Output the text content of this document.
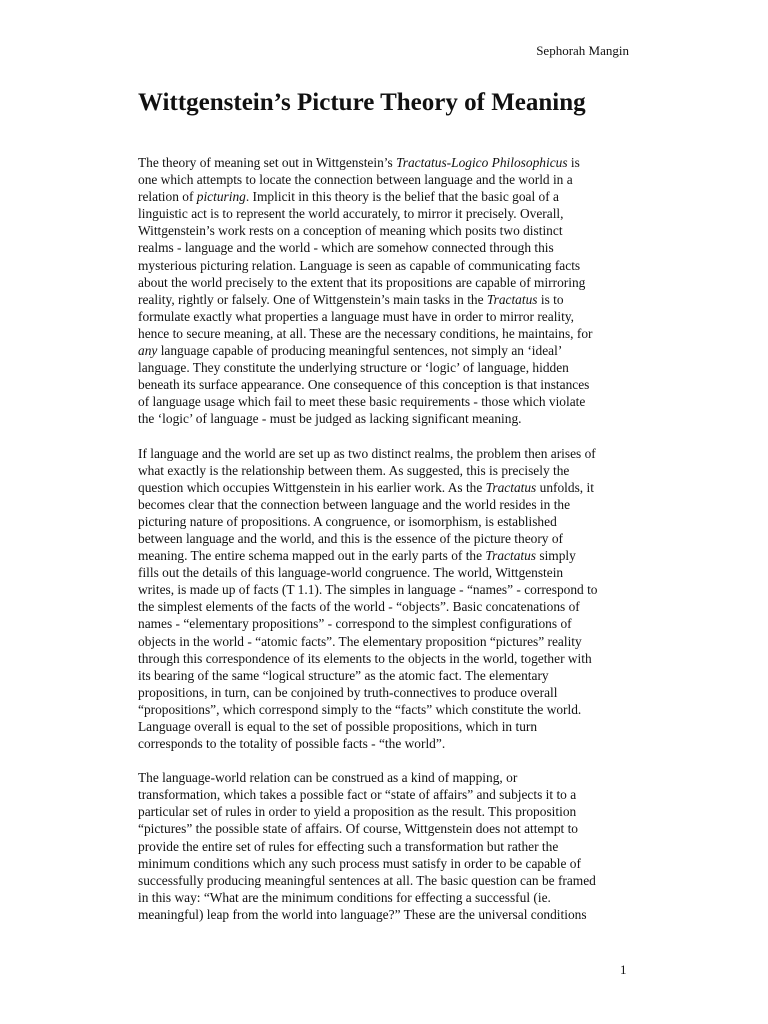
Sephorah Mangin
Wittgenstein’s Picture Theory of Meaning

The theory of meaning set out in Wittgenstein’s Tractatus-Logico Philosophicus is
one which attempts to locate the connection between language and the world in a
relation of picturing. Implicit in this theory is the belief that the basic goal of a
linguistic act is to represent the world accurately, to mirror it precisely. Overall,
Wittgenstein’s work rests on a conception of meaning which posits two distinct
realms - language and the world - which are somehow connected through this
mysterious picturing relation. Language is seen as capable of communicating facts
about the world precisely to the extent that its propositions are capable of mirroring
reality, rightly or falsely. One of Wittgenstein’s main tasks in the Tractatus is to
formulate exactly what properties a language must have in order to mirror reality,
hence to secure meaning, at all. These are the necessary conditions, he maintains, for
any language capable of producing meaningful sentences, not simply an ‘ideal’
language. They constitute the underlying structure or ‘logic’ of language, hidden
beneath its surface appearance. One consequence of this conception is that instances
of language usage which fail to meet these basic requirements - those which violate
the ‘logic’ of language - must be judged as lacking significant meaning.

If language and the world are set up as two distinct realms, the problem then arises of
what exactly is the relationship between them. As suggested, this is precisely the
question which occupies Wittgenstein in his earlier work. As the Tractatus unfolds, it
becomes clear that the connection between language and the world resides in the
picturing nature of propositions. A congruence, or isomorphism, is established
between language and the world, and this is the essence of the picture theory of
meaning. The entire schema mapped out in the early parts of the Tractatus simply
fills out the details of this language-world congruence. The world, Wittgenstein
writes, is made up of facts (T 1.1). The simples in language - “names” - correspond to
the simplest elements of the facts of the world - “objects”. Basic concatenations of
names - “elementary propositions” - correspond to the simplest configurations of
objects in the world - “atomic facts”. The elementary proposition “pictures” reality
through this correspondence of its elements to the objects in the world, together with
its bearing of the same “logical structure” as the atomic fact. The elementary
propositions, in turn, can be conjoined by truth-connectives to produce overall
“propositions”, which correspond simply to the “facts” which constitute the world.
Language overall is equal to the set of possible propositions, which in turn
corresponds to the totality of possible facts - “the world”.

The language-world relation can be construed as a kind of mapping, or
transformation, which takes a possible fact or “state of affairs” and subjects it to a
particular set of rules in order to yield a proposition as the result. This proposition
“pictures” the possible state of affairs. Of course, Wittgenstein does not attempt to
provide the entire set of rules for effecting such a transformation but rather the
minimum conditions which any such process must satisfy in order to be capable of
successfully producing meaningful sentences at all. The basic question can be framed
in this way: “What are the minimum conditions for effecting a successful (ie.
meaningful) leap from the world into language?” These are the universal conditions

1
